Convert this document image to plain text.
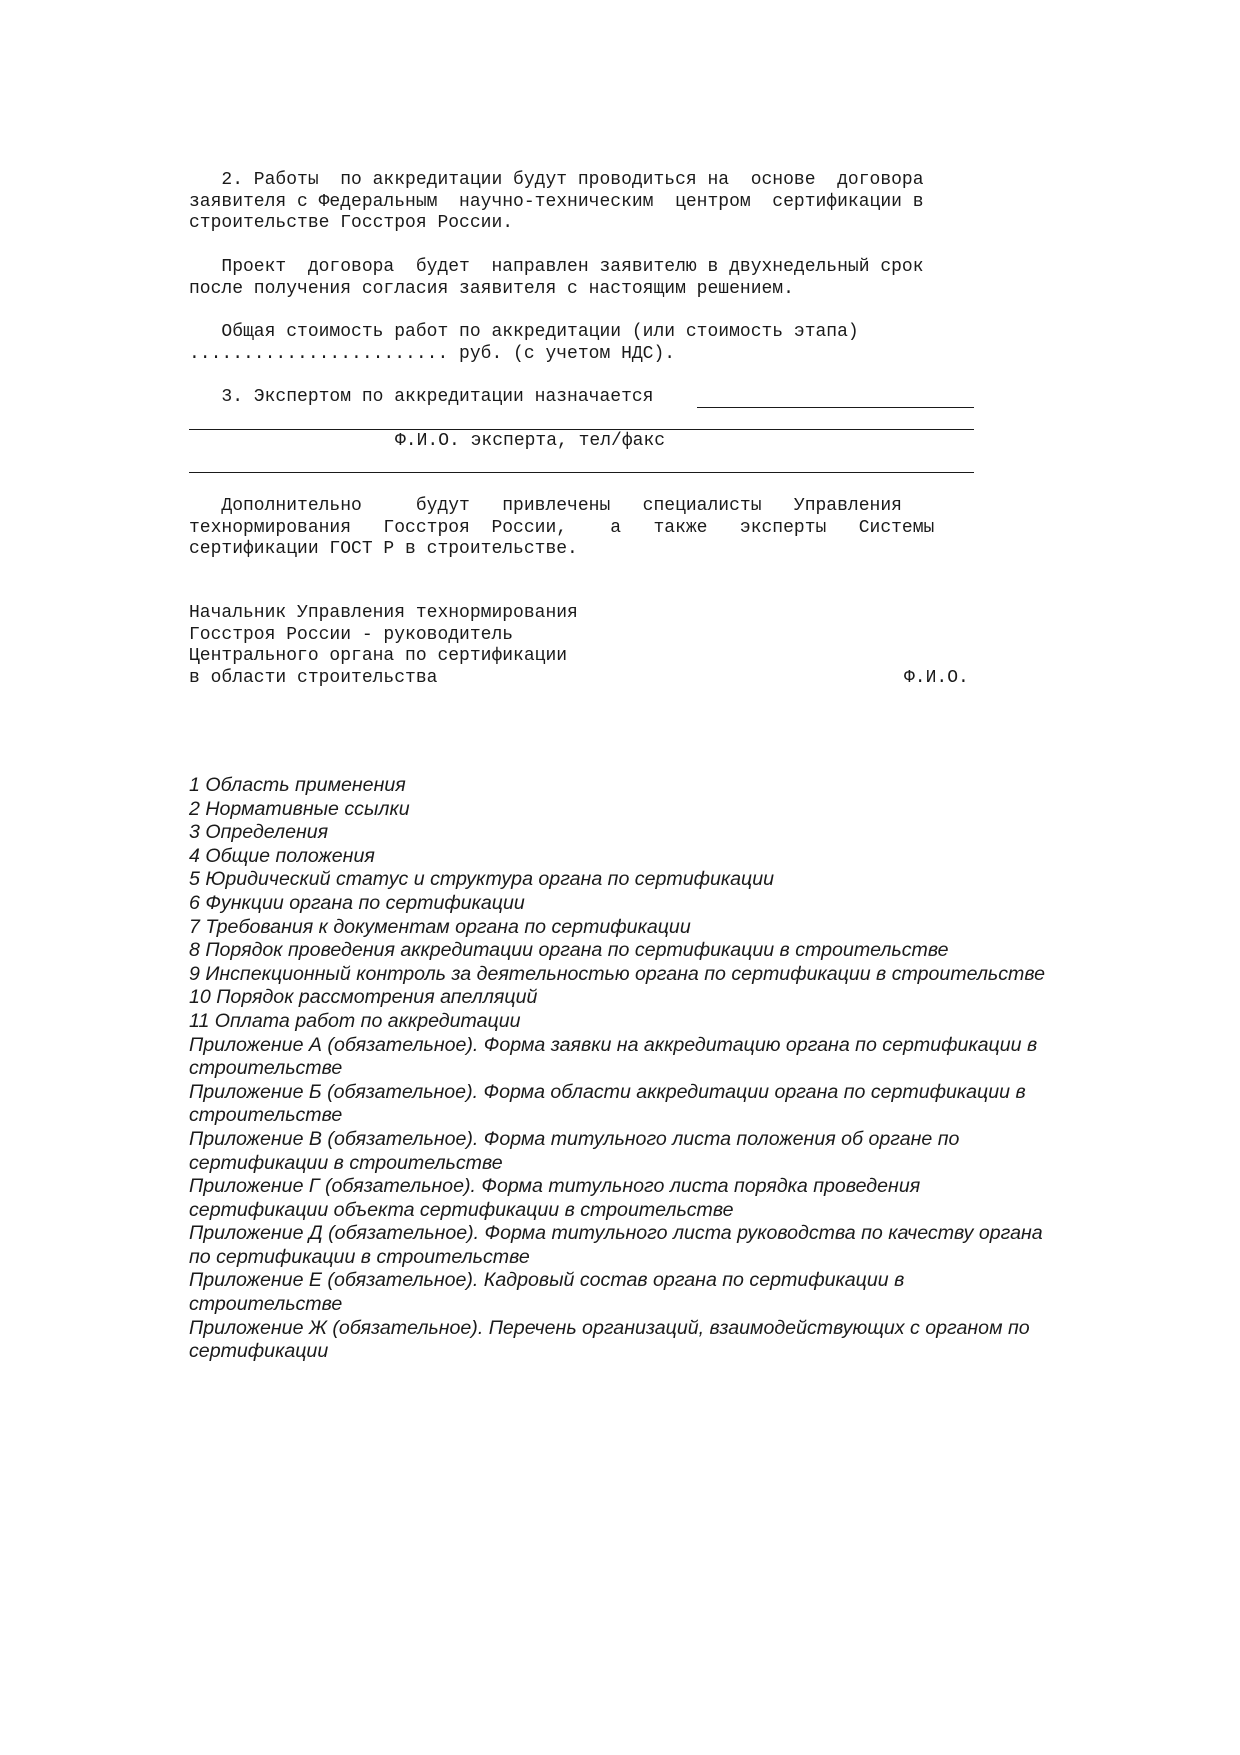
2. Работы  по аккредитации будут проводиться на  основе  договора
заявителя с Федеральным  научно-техническим  центром  сертификации в
строительстве Госстроя России.
Проект  договора  будет  направлен заявителю в двухнедельный срок
после получения согласия заявителя с настоящим решением.
Общая стоимость работ по аккредитации (или стоимость этапа)
........................ руб. (с учетом НДС).
3. Экспертом по аккредитации назначается
Ф.И.О. эксперта, тел/факс
Дополнительно     будут   привлечены   специалисты   Управления
технормирования   Госстроя  России,    а   также   эксперты   Системы
сертификации ГОСТ Р в строительстве.
Начальник Управления технормирования
Госстроя России - руководитель
Центрального органа по сертификации
в области строительства	Ф.И.О.
1 Область применения
2 Нормативные ссылки
3 Определения
4 Общие положения
5 Юридический статус и структура органа по сертификации
6 Функции органа по сертификации
7 Требования к документам органа по сертификации
8 Порядок проведения аккредитации органа по сертификации в строительстве
9 Инспекционный контроль за деятельностью органа по сертификации в строительстве
10 Порядок рассмотрения апелляций
11 Оплата работ по аккредитации
Приложение А (обязательное). Форма заявки на аккредитацию органа по сертификации в строительстве
Приложение Б (обязательное). Форма области аккредитации органа по сертификации в строительстве
Приложение В (обязательное). Форма титульного листа положения об органе по сертификации в строительстве
Приложение Г (обязательное). Форма титульного листа порядка проведения сертификации объекта сертификации в строительстве
Приложение Д (обязательное). Форма титульного листа руководства по качеству органа по сертификации в строительстве
Приложение Е (обязательное). Кадровый состав органа по сертификации в строительстве
Приложение Ж (обязательное). Перечень организаций, взаимодействующих с органом по сертификации
